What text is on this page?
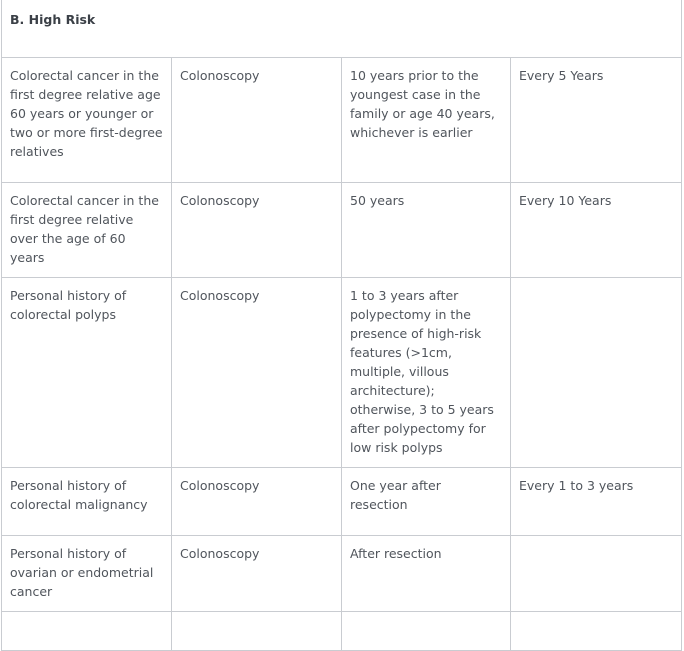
B. High Risk			
Colorectal cancer in the first degree relative age 60 years or younger or two or more first-degree relatives	Colonoscopy	10 years prior to the youngest case in the family or age 40 years, whichever is earlier	Every 5 Years
Colorectal cancer in the first degree relative over the age of 60 years	Colonoscopy	50 years	Every 10 Years
Personal history of colorectal polyps	Colonoscopy	1 to 3 years after polypectomy in the presence of high-risk features (>1cm, multiple, villous architecture); otherwise, 3 to 5 years after polypectomy for low risk polyps	
Personal history of colorectal malignancy	Colonoscopy	One year after resection	Every 1 to 3 years
Personal history of ovarian or endometrial cancer	Colonoscopy	After resection	
